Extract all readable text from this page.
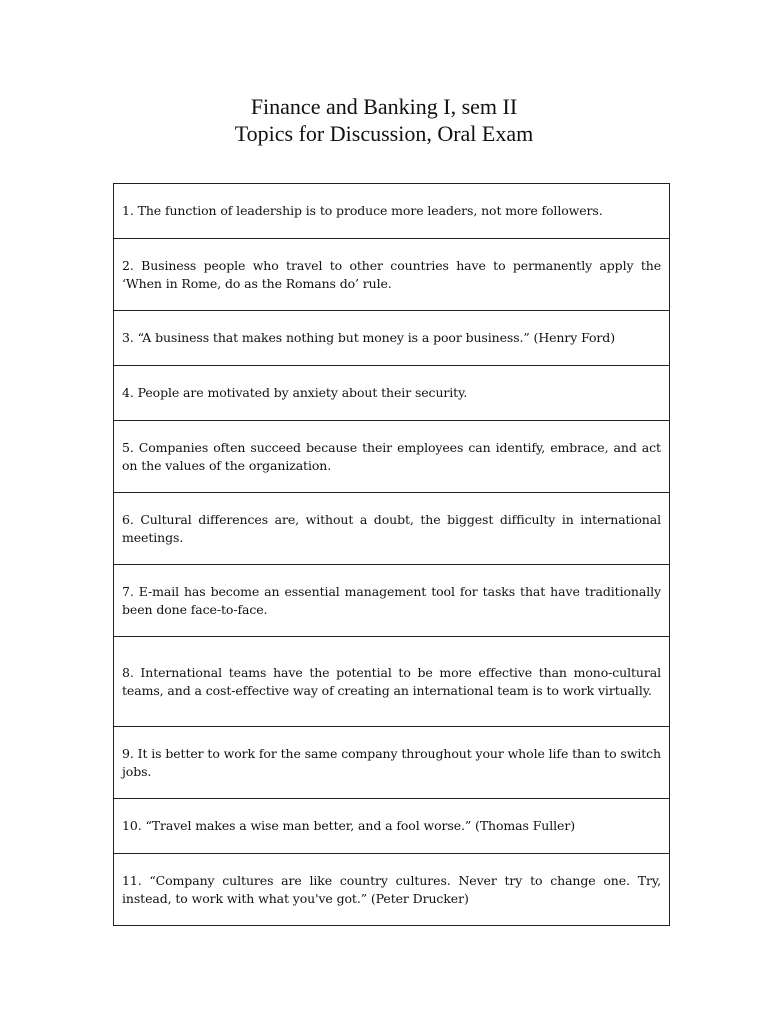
Finance and Banking I, sem II
Topics for Discussion, Oral Exam
1. The function of leadership is to produce more leaders, not more followers.
2. Business people who travel to other countries have to permanently apply the ‘When in Rome, do as the Romans do’ rule.
3. “A business that makes nothing but money is a poor business.” (Henry Ford)
4. People are motivated by anxiety about their security.
5. Companies often succeed because their employees can identify, embrace, and act on the values of the organization.
6. Cultural differences are, without a doubt, the biggest difficulty in international meetings.
7. E-mail has become an essential management tool for tasks that have traditionally been done face-to-face.
8. International teams have the potential to be more effective than mono-cultural teams, and a cost-effective way of creating an international team is to work virtually.
9. It is better to work for the same company throughout your whole life than to switch jobs.
10. “Travel makes a wise man better, and a fool worse.” (Thomas Fuller)
11. “Company cultures are like country cultures. Never try to change one. Try, instead, to work with what you've got.” (Peter Drucker)
